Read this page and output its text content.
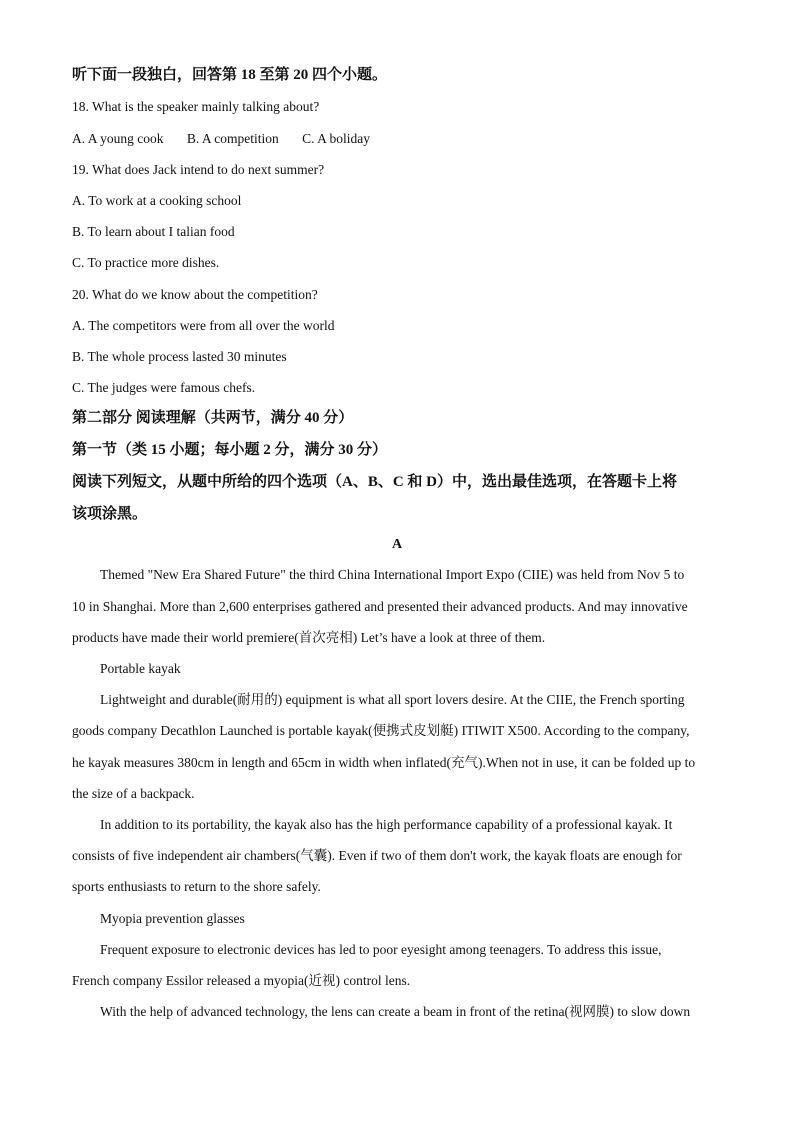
听下面一段独白，回答第 18 至第 20 四个小题。
18. What is the speaker mainly talking about?
A. A young cook B. A competition C. A boliday
19. What does Jack intend to do next summer?
A. To work at a cooking school
B. To learn about I talian food
C. To practice more dishes.
20. What do we know about the competition?
A. The competitors were from all over the world
B. The whole process lasted 30 minutes
C. The judges were famous chefs.
第二部分 阅读理解（共两节，满分 40 分）
第一节（类 15 小题；每小题 2 分，满分 30 分）
阅读下列短文，从题中所给的四个选项（A、B、C 和 D）中，选出最佳选项，在答题卡上将
该项涂黑。
A
Themed "New Era Shared Future" the third China International Import Expo (CIIE) was held from Nov 5 to
10 in Shanghai. More than 2,600 enterprises gathered and presented their advanced products. And may innovative
products have made their world premiere(首次亮相) Let’s have a look at three of them.
Portable kayak
Lightweight and durable(耐用的) equipment is what all sport lovers desire. At the CIIE, the French sporting
goods company Decathlon Launched is portable kayak(便携式皮划艇) ITIWIT X500. According to the company,
he kayak measures 380cm in length and 65cm in width when inflated(充气).When not in use, it can be folded up to
the size of a backpack.
In addition to its portability, the kayak also has the high performance capability of a professional kayak. It
consists of five independent air chambers(气囊). Even if two of them don't work, the kayak floats are enough for
sports enthusiasts to return to the shore safely.
Myopia prevention glasses
Frequent exposure to electronic devices has led to poor eyesight among teenagers. To address this issue,
French company Essilor released a myopia(近视) control lens.
With the help of advanced technology, the lens can create a beam in front of the retina(视网膜) to slow down
